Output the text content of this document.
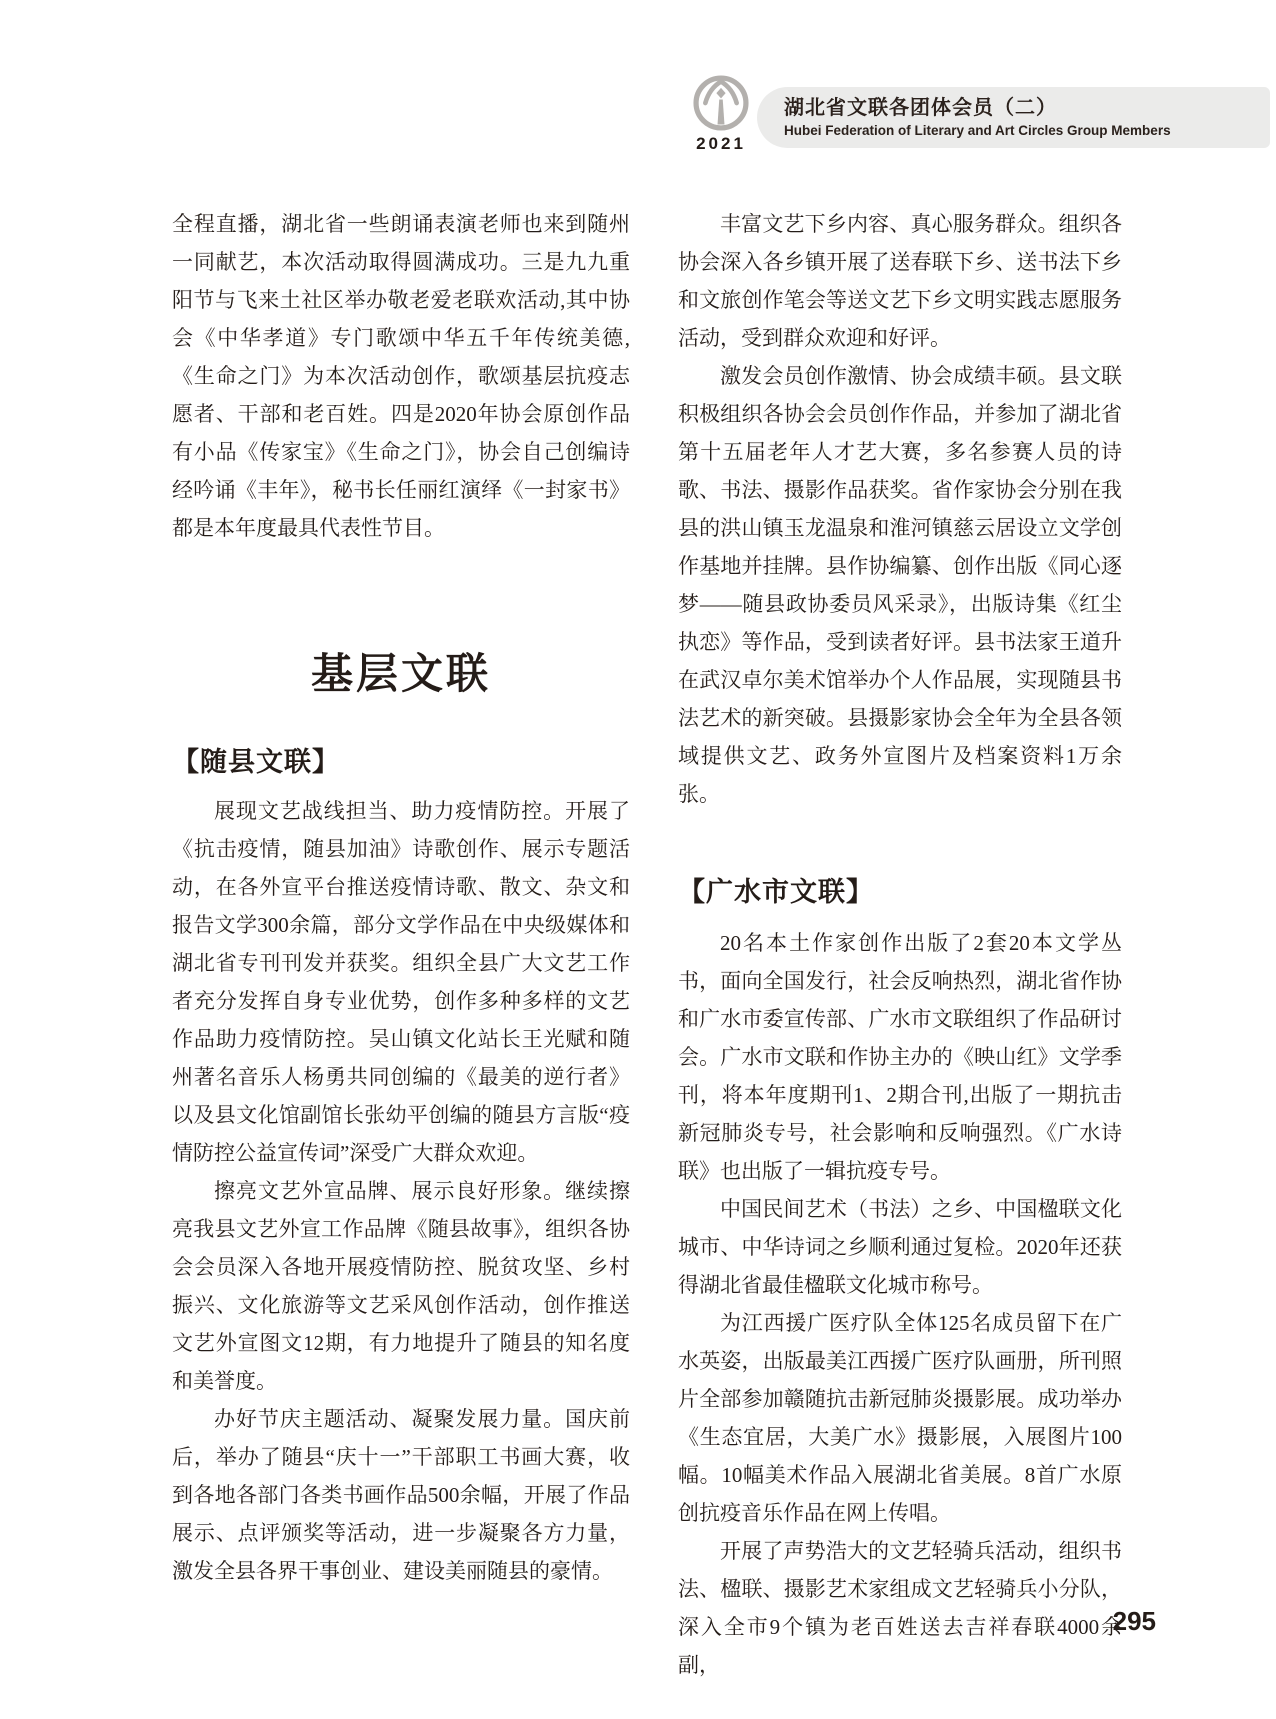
2021
湖北省文联各团体会员（二）
Hubei Federation of Literary and Art Circles Group Members

全程直播，湖北省一些朗诵表演老师也来到随州一同献艺，本次活动取得圆满成功。三是九九重阳节与飞来土社区举办敬老爱老联欢活动,其中协会《中华孝道》专门歌颂中华五千年传统美德,《生命之门》为本次活动创作，歌颂基层抗疫志愿者、干部和老百姓。四是2020年协会原创作品有小品《传家宝》《生命之门》，协会自己创编诗经吟诵《丰年》，秘书长任丽红演绎《一封家书》都是本年度最具代表性节目。

基层文联
【随县文联】

展现文艺战线担当、助力疫情防控。开展了《抗击疫情，随县加油》诗歌创作、展示专题活动，在各外宣平台推送疫情诗歌、散文、杂文和报告文学300余篇，部分文学作品在中央级媒体和湖北省专刊刊发并获奖。组织全县广大文艺工作者充分发挥自身专业优势，创作多种多样的文艺作品助力疫情防控。吴山镇文化站长王光赋和随州著名音乐人杨勇共同创编的《最美的逆行者》以及县文化馆副馆长张幼平创编的随县方言版“疫情防控公益宣传词”深受广大群众欢迎。

擦亮文艺外宣品牌、展示良好形象。继续擦亮我县文艺外宣工作品牌《随县故事》，组织各协会会员深入各地开展疫情防控、脱贫攻坚、乡村振兴、文化旅游等文艺采风创作活动，创作推送文艺外宣图文12期，有力地提升了随县的知名度和美誉度。

办好节庆主题活动、凝聚发展力量。国庆前后，举办了随县“庆十一”干部职工书画大赛，收到各地各部门各类书画作品500余幅，开展了作品展示、点评颁奖等活动，进一步凝聚各方力量，激发全县各界干事创业、建设美丽随县的豪情。

丰富文艺下乡内容、真心服务群众。组织各协会深入各乡镇开展了送春联下乡、送书法下乡和文旅创作笔会等送文艺下乡文明实践志愿服务活动，受到群众欢迎和好评。

激发会员创作激情、协会成绩丰硕。县文联积极组织各协会会员创作作品，并参加了湖北省第十五届老年人才艺大赛，多名参赛人员的诗歌、书法、摄影作品获奖。省作家协会分别在我县的洪山镇玉龙温泉和淮河镇慈云居设立文学创作基地并挂牌。县作协编纂、创作出版《同心逐梦——随县政协委员风采录》，出版诗集《红尘执恋》等作品，受到读者好评。县书法家王道升在武汉卓尔美术馆举办个人作品展，实现随县书法艺术的新突破。县摄影家协会全年为全县各领域提供文艺、政务外宣图片及档案资料1万余张。

【广水市文联】

20名本土作家创作出版了2套20本文学丛书，面向全国发行，社会反响热烈，湖北省作协和广水市委宣传部、广水市文联组织了作品研讨会。广水市文联和作协主办的《映山红》文学季刊，将本年度期刊1、2期合刊,出版了一期抗击新冠肺炎专号，社会影响和反响强烈。《广水诗联》也出版了一辑抗疫专号。

中国民间艺术（书法）之乡、中国楹联文化城市、中华诗词之乡顺利通过复检。2020年还获得湖北省最佳楹联文化城市称号。

为江西援广医疗队全体125名成员留下在广水英姿，出版最美江西援广医疗队画册，所刊照片全部参加赣随抗击新冠肺炎摄影展。成功举办《生态宜居，大美广水》摄影展，入展图片100幅。10幅美术作品入展湖北省美展。8首广水原创抗疫音乐作品在网上传唱。

开展了声势浩大的文艺轻骑兵活动，组织书法、楹联、摄影艺术家组成文艺轻骑兵小分队，深入全市9个镇为老百姓送去吉祥春联4000余副，

295
